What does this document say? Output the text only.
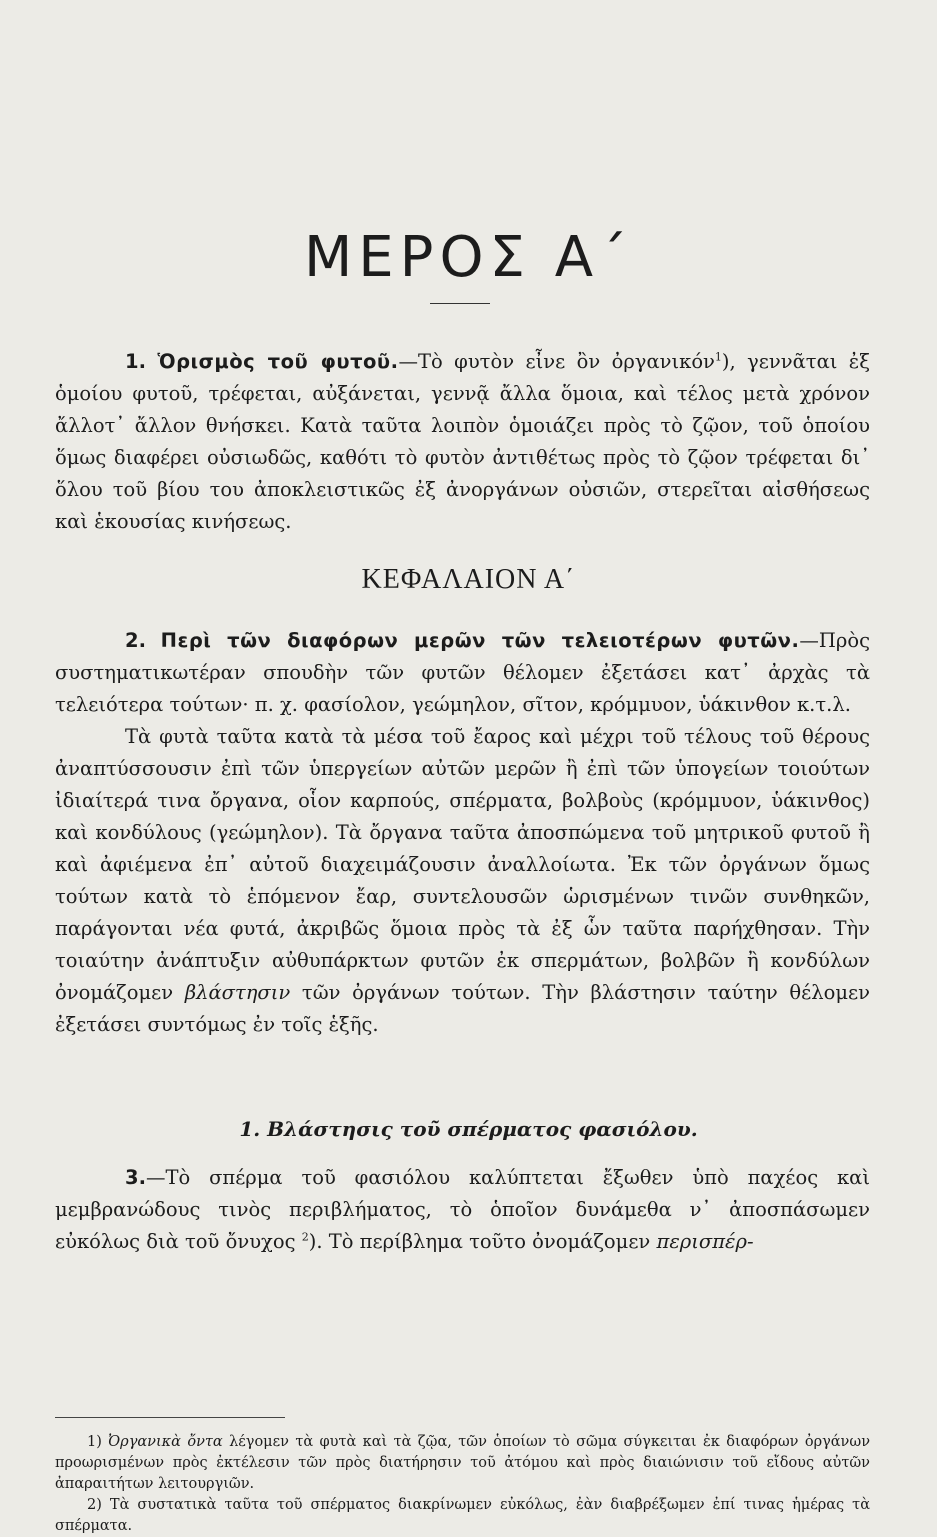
ΜΕΡΟΣ Α΄

1. Ὁρισμὸς τοῦ φυτοῦ.—Τὸ φυτὸν εἶνε ὂν ὀργανικόν$^1$), γεννᾶται ἐξ ὁμοίου φυτοῦ, τρέφεται, αὐξάνεται, γεννᾷ ἄλλα ὅμοια, καὶ τέλος μετὰ χρόνον ἄλλοτ᾽ ἄλλον θνήσκει. Κατὰ ταῦτα λοιπὸν ὁμοιάζει πρὸς τὸ ζῷον, τοῦ ὁποίου ὅμως διαφέρει οὐσιωδῶς, καθότι τὸ φυτὸν ἀντιθέτως πρὸς τὸ ζῷον τρέφεται δι᾽ ὅλου τοῦ βίου του ἀποκλειστικῶς ἐξ ἀνοργάνων οὐσιῶν, στερεῖται αἰσθήσεως καὶ ἑκουσίας κινήσεως.

ΚΕΦΑΛΑΙΟΝ Α΄

2. Περὶ τῶν διαφόρων μερῶν τῶν τελειοτέρων φυτῶν.—Πρὸς συστηματικωτέραν σπουδὴν τῶν φυτῶν θέλομεν ἐξετάσει κατ᾽ ἀρχὰς τὰ τελειότερα τούτων· π. χ. φασίολον, γεώμηλον, σῖτον, κρόμμυον, ὑάκινθον κ.τ.λ.

Τὰ φυτὰ ταῦτα κατὰ τὰ μέσα τοῦ ἔαρος καὶ μέχρι τοῦ τέλους τοῦ θέρους ἀναπτύσσουσιν ἐπὶ τῶν ὑπεργείων αὐτῶν μερῶν ἢ ἐπὶ τῶν ὑπογείων τοιούτων ἰδιαίτερά τινα ὄργανα, οἷον καρπούς, σπέρματα, βολβοὺς (κρόμμυον, ὑάκινθος) καὶ κονδύλους (γεώμηλον). Τὰ ὄργανα ταῦτα ἀποσπώμενα τοῦ μητρικοῦ φυτοῦ ἢ καὶ ἀφιέμενα ἐπ᾽ αὐτοῦ διαχειμάζουσιν ἀναλλοίωτα. Ἐκ τῶν ὀργάνων ὅμως τούτων κατὰ τὸ ἑπόμενον ἔαρ, συντελουσῶν ὡρισμένων τινῶν συνθηκῶν, παράγονται νέα φυτά, ἀκριβῶς ὅμοια πρὸς τὰ ἐξ ὧν ταῦτα παρήχθησαν. Τὴν τοιαύτην ἀνάπτυξιν αὐθυπάρκτων φυτῶν ἐκ σπερμάτων, βολβῶν ἢ κονδύλων ὀνομάζομεν βλάστησιν τῶν ὀργάνων τούτων. Τὴν βλάστησιν ταύτην θέλομεν ἐξετάσει συντόμως ἐν τοῖς ἑξῆς.

1. Βλάστησις τοῦ σπέρματος φασιόλου.

3.—Τὸ σπέρμα τοῦ φασιόλου καλύπτεται ἔξωθεν ὑπὸ παχέος καὶ μεμβρανώδους τινὸς περιβλήματος, τὸ ὁποῖον δυνάμεθα ν᾽ ἀποσπάσωμεν εὐκόλως διὰ τοῦ ὄνυχος $^2$). Τὸ περίβλημα τοῦτο ὀνομάζομεν περισπέρ-

1) Ὀργανικὰ ὄντα λέγομεν τὰ φυτὰ καὶ τὰ ζῷα, τῶν ὁποίων τὸ σῶμα σύγκειται ἐκ διαφόρων ὀργάνων προωρισμένων πρὸς ἐκτέλεσιν τῶν πρὸς διατήρησιν τοῦ ἀτόμου καὶ πρὸς διαιώνισιν τοῦ εἴδους αὐτῶν ἀπαραιτήτων λειτουργιῶν.

2) Τὰ συστατικὰ ταῦτα τοῦ σπέρματος διακρίνωμεν εὐκόλως, ἐὰν διαβρέξωμεν ἐπί τινας ἡμέρας τὰ σπέρματα.
